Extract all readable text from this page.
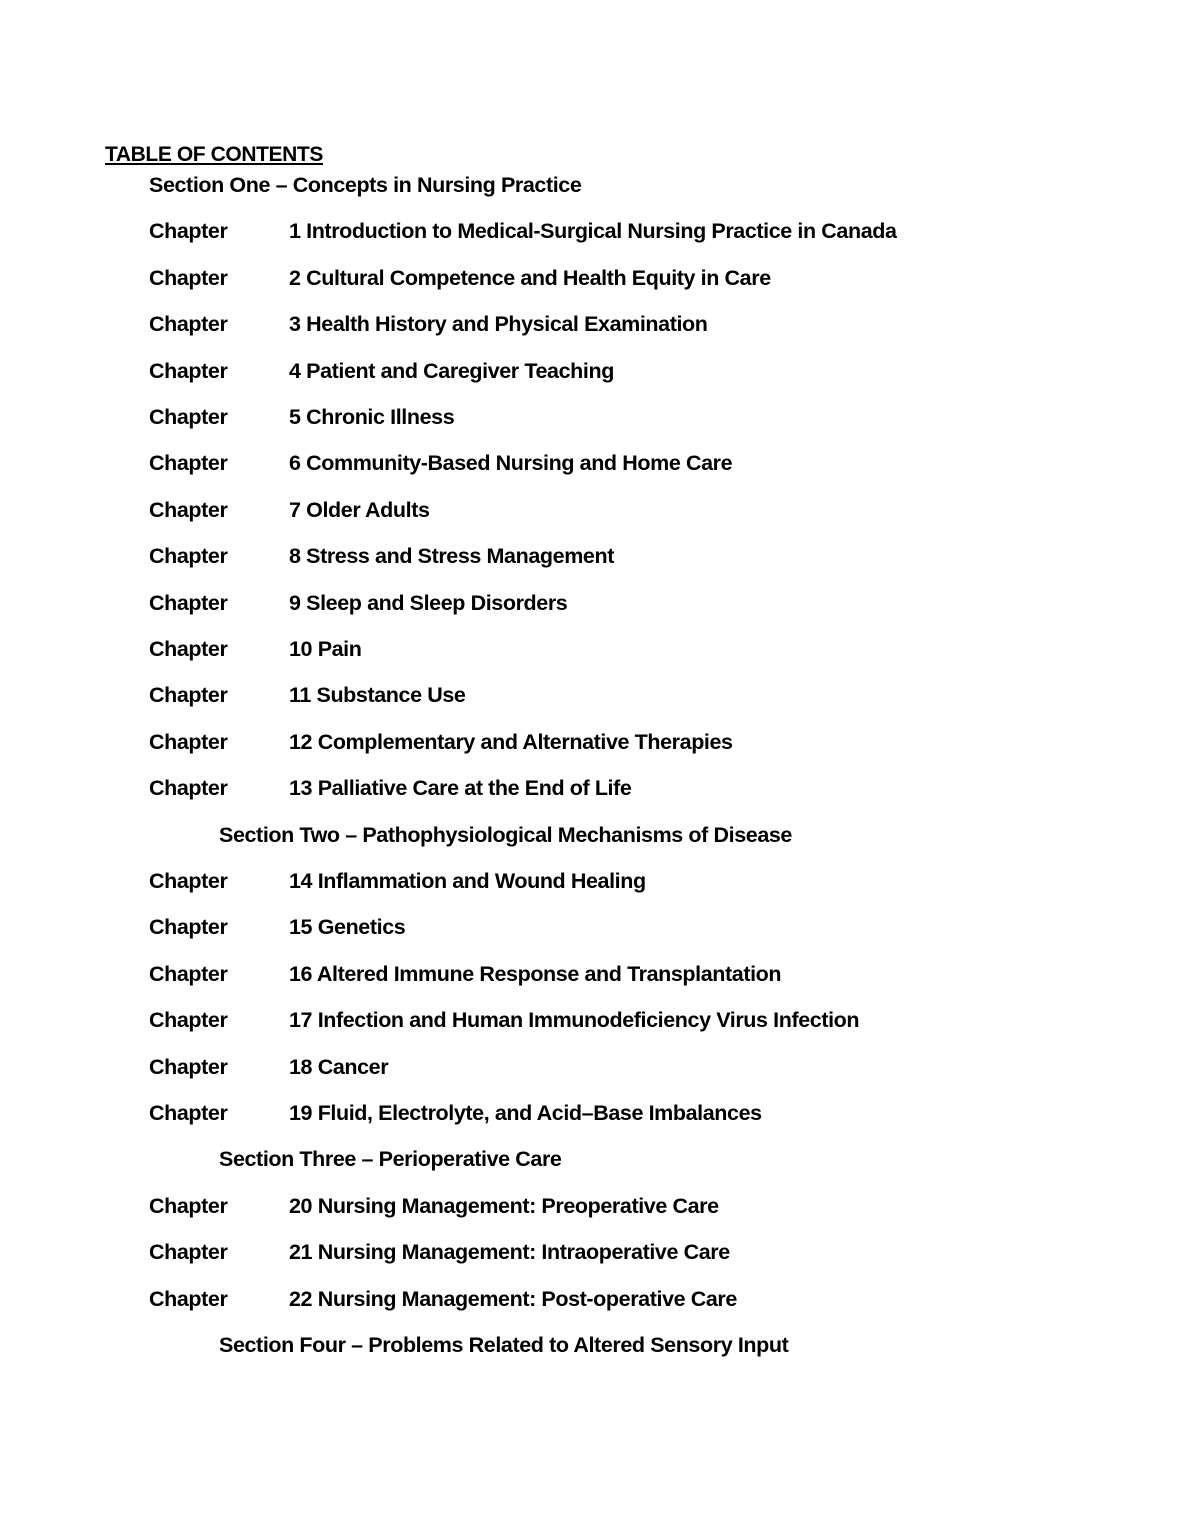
TABLE OF CONTENTS
Section One – Concepts in Nursing Practice
Chapter	1 Introduction to Medical-Surgical Nursing Practice in Canada
Chapter	2 Cultural Competence and Health Equity in Care
Chapter	3 Health History and Physical Examination
Chapter	4 Patient and Caregiver Teaching
Chapter	5 Chronic Illness
Chapter	6 Community-Based Nursing and Home Care
Chapter	7 Older Adults
Chapter	8 Stress and Stress Management
Chapter	9 Sleep and Sleep Disorders
Chapter	10 Pain
Chapter	11 Substance Use
Chapter	12 Complementary and Alternative Therapies
Chapter	13 Palliative Care at the End of Life
Section Two – Pathophysiological Mechanisms of Disease
Chapter	14 Inflammation and Wound Healing
Chapter	15 Genetics
Chapter	16 Altered Immune Response and Transplantation
Chapter	17 Infection and Human Immunodeficiency Virus Infection
Chapter	18 Cancer
Chapter	19 Fluid, Electrolyte, and Acid–Base Imbalances
Section Three – Perioperative Care
Chapter	20 Nursing Management: Preoperative Care
Chapter	21 Nursing Management: Intraoperative Care
Chapter	22 Nursing Management: Post-operative Care
Section Four – Problems Related to Altered Sensory Input
